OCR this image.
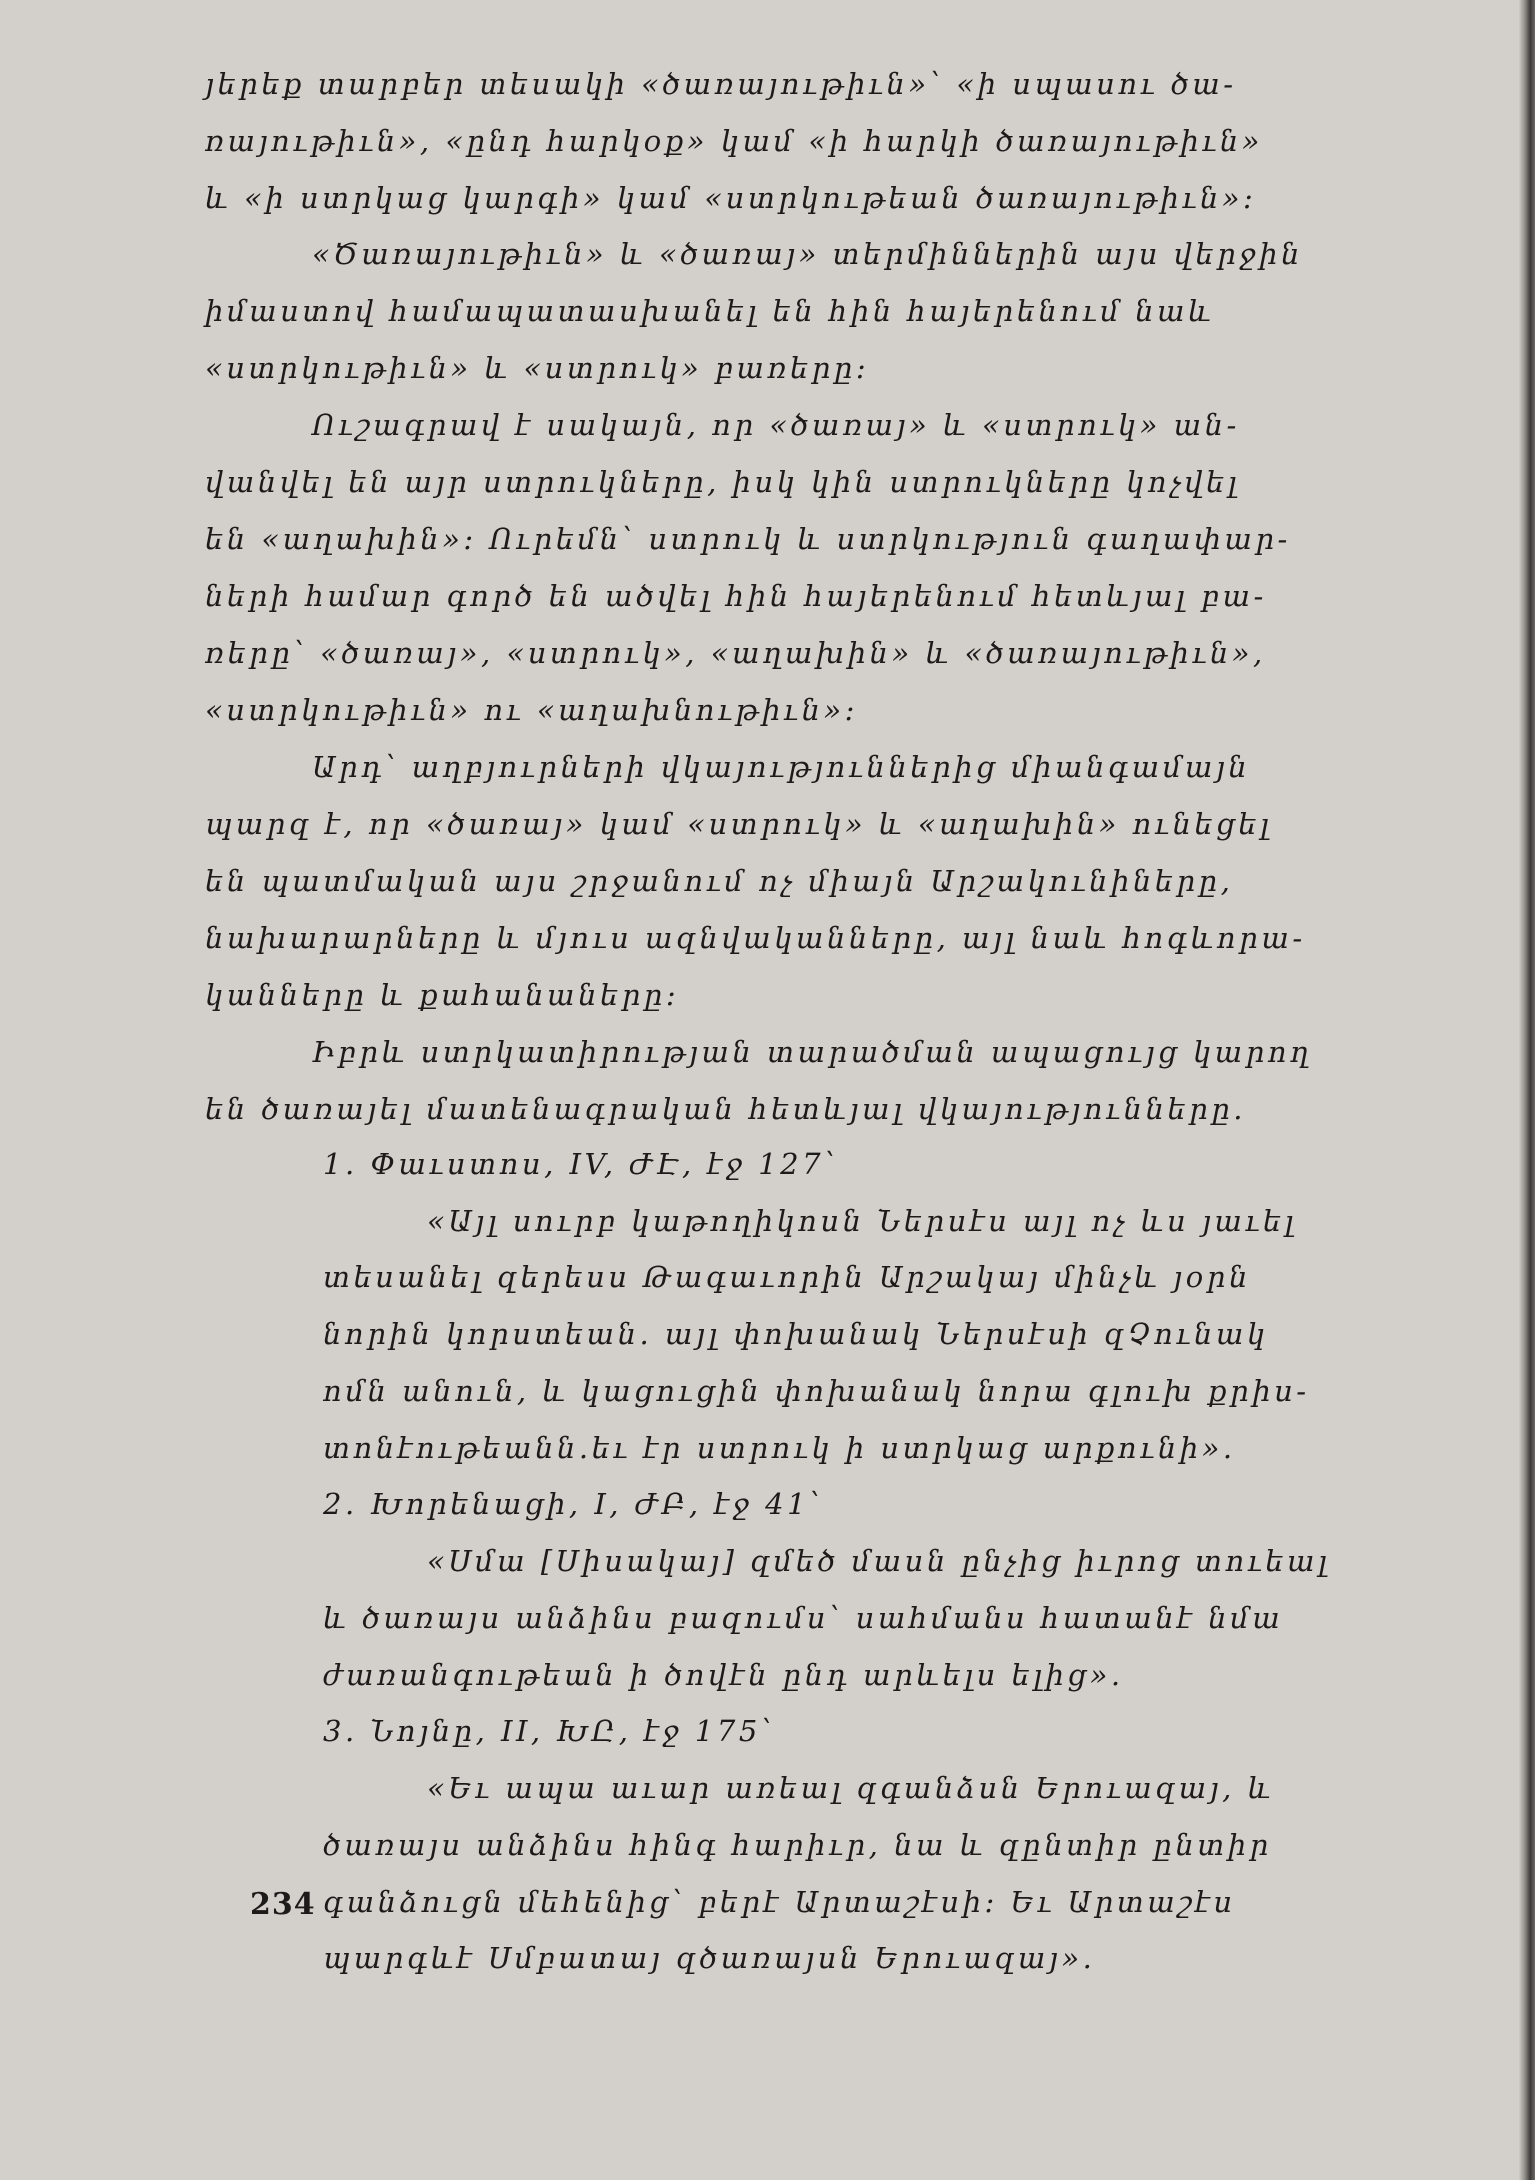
յերեք տարբեր տեսակի «ծառայութիւն»՝ «ի սպասու ծա-
ռայութիւն», «ընդ հարկօք» կամ «ի հարկի ծառայութիւն»
և «ի ստրկաց կարգի» կամ «ստրկութեան ծառայութիւն»:
«Ծառայութիւն» և «ծառայ» տերմիններին այս վերջին
իմաստով համապատասխանել են հին հայերենում նաև
«ստրկութիւն» և «ստրուկ» բառերը:
Ուշագրավ է սակայն, որ «ծառայ» և «ստրուկ» ան-
վանվել են այր ստրուկները, իսկ կին ստրուկները կոչվել
են «աղախին»: Ուրեմն՝ ստրուկ և ստրկություն գաղափար-
ների համար գործ են ածվել հին հայերենում հետևյալ բա-
ռերը՝ «ծառայ», «ստրուկ», «աղախին» և «ծառայութիւն»,
«ստրկութիւն» ու «աղախնութիւն»:
Արդ՝ աղբյուրների վկայություններից միանգամայն
պարզ է, որ «ծառայ» կամ «ստրուկ» և «աղախին» ունեցել
են պատմական այս շրջանում ոչ միայն Արշակունիները,
նախարարները և մյուս ազնվականները, այլ նաև հոգևորա-
կանները և քահանաները:
Իբրև ստրկատիրության տարածման ապացույց կարող
են ծառայել մատենագրական հետևյալ վկայությունները.
1. Փաւստոս, IV, ԺԷ, էջ 127՝
«Այլ սուրբ կաթողիկոսն Ներսէս այլ ոչ ևս յաւել
տեսանել զերեսս Թագաւորին Արշակայ մինչև յօրն
նորին կորստեան. այլ փոխանակ Ներսէսի զՉունակ
ոմն անուն, և կացուցին փոխանակ նորա գլուխ քրիս-
տոնէութեանն.եւ էր ստրուկ ի ստրկաց արքունի».
2. Խորենացի, I, ԺԲ, էջ 41՝
«Սմա [Սիսակայ] զմեծ մասն ընչից իւրոց տուեալ
և ծառայս անձինս բազումս՝ սահմանս հատանէ նմա
ժառանգութեան ի ծովէն ընդ արևելս ելից».
3. Նոյնը, II, ԽԸ, էջ 175՝
«Եւ ապա աւար առեալ զգանձսն Երուազայ, և
ծառայս անձինս հինգ հարիւր, նա և զընտիր ընտիր
գանձուցն մեհենից՝ բերէ Արտաշէսի: Եւ Արտաշէս
պարգևէ Սմբատայ զծառայսն Երուազայ».
234
